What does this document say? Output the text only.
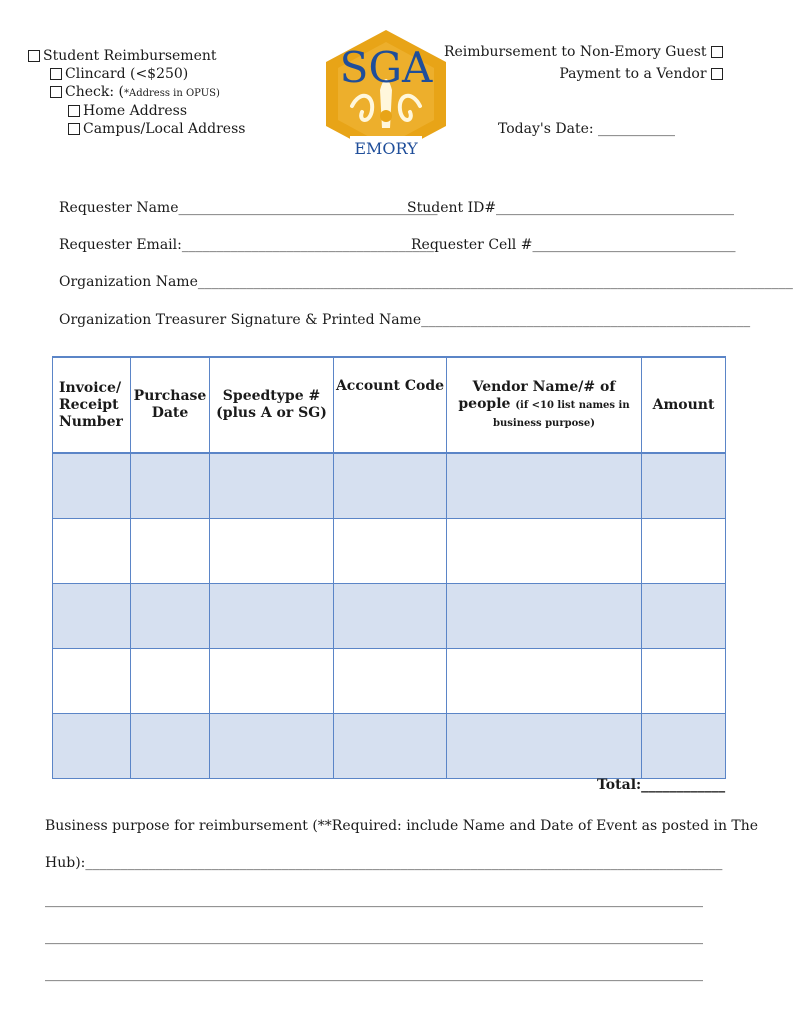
Student Reimbursement
Clincard (<$250)
Check: (*Address in OPUS)
Home Address
Campus/Local Address
SGA
EMORY
Reimbursement to Non-Emory Guest
Payment to a Vendor
Today's Date: ___________
Requester Name_____________________________________
Student ID#__________________________________
Requester Email:____________________________________
Requester Cell #_____________________________
Organization Name_____________________________________________________________________________________
Organization Treasurer Signature & Printed Name_______________________________________________
Invoice/ Receipt Number	Purchase Date	Speedtype # (plus A or SG)	Account Code	Vendor Name/# of people (if <10 list names in business purpose)	Amount

Total:____________
Business purpose for reimbursement (**Required: include Name and Date of Event as posted in The
Hub):___________________________________________________________________________________________
______________________________________________________________________________________________
______________________________________________________________________________________________
______________________________________________________________________________________________
